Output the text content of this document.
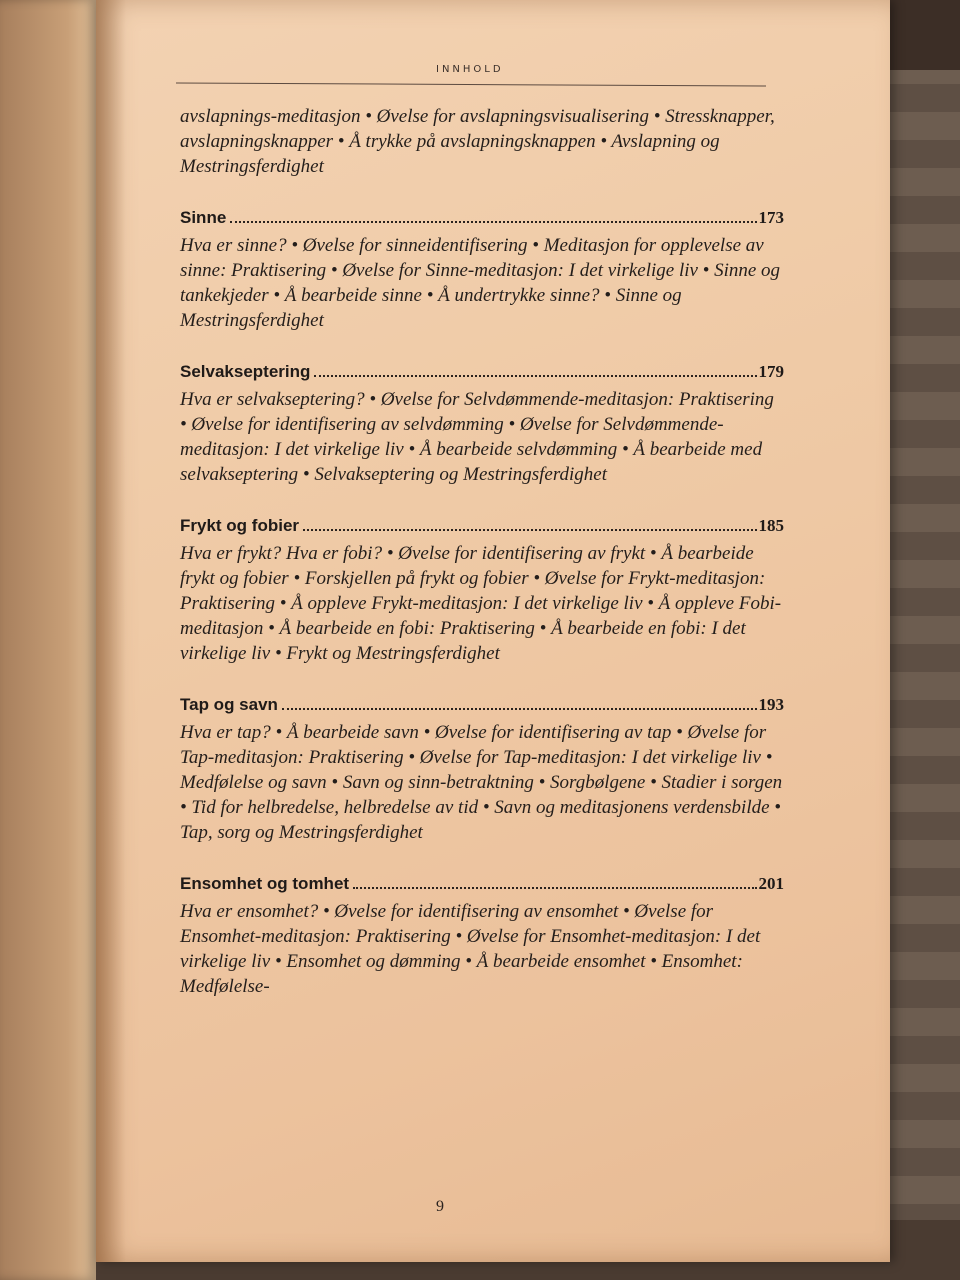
INNHOLD
avslapnings-meditasjon • Øvelse for avslapningsvisualisering • Stressknapper, avslapningsknapper • Å trykke på avslapningsknappen • Avslapning og Mestringsferdighet
Sinne	173
Hva er sinne? • Øvelse for sinneidentifisering • Meditasjon for opplevelse av sinne: Praktisering • Øvelse for Sinne-meditasjon: I det virkelige liv • Sinne og tankekjeder • Å bearbeide sinne • Å undertrykke sinne? • Sinne og Mestringsferdighet
Selvakseptering	179
Hva er selvakseptering? • Øvelse for Selvdømmende-meditasjon: Praktisering • Øvelse for identifisering av selvdømming • Øvelse for Selvdømmende-meditasjon: I det virkelige liv • Å bearbeide selvdømming • Å bearbeide med selvakseptering • Selvakseptering og Mestringsferdighet
Frykt og fobier	185
Hva er frykt? Hva er fobi? • Øvelse for identifisering av frykt • Å bearbeide frykt og fobier • Forskjellen på frykt og fobier • Øvelse for Frykt-meditasjon: Praktisering • Å oppleve Frykt-meditasjon: I det virkelige liv • Å oppleve Fobi-meditasjon • Å bearbeide en fobi: Praktisering • Å bearbeide en fobi: I det virkelige liv • Frykt og Mestringsferdighet
Tap og savn	193
Hva er tap? • Å bearbeide savn • Øvelse for identifisering av tap • Øvelse for Tap-meditasjon: Praktisering • Øvelse for Tap-meditasjon: I det virkelige liv • Medfølelse og savn • Savn og sinn-betraktning • Sorgbølgene • Stadier i sorgen • Tid for helbredelse, helbredelse av tid • Savn og meditasjonens verdensbilde • Tap, sorg og Mestringsferdighet
Ensomhet og tomhet	201
Hva er ensomhet? • Øvelse for identifisering av ensomhet • Øvelse for Ensomhet-meditasjon: Praktisering • Øvelse for Ensomhet-meditasjon: I det virkelige liv • Ensomhet og dømming • Å bearbeide ensomhet • Ensomhet: Medfølelse-
9
